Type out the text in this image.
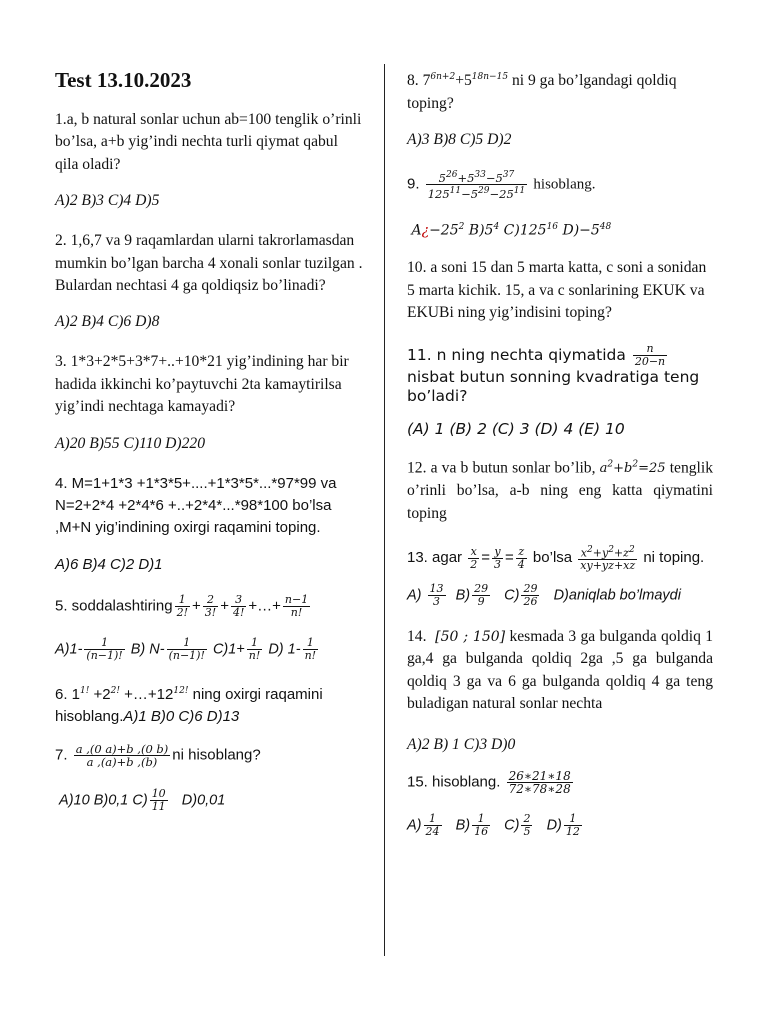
Test 13.10.2023

1.a, b natural sonlar uchun ab=100 tenglik o’rinli bo’lsa, a+b yig’indi nechta turli qiymat qabul qila oladi?

A)2 B)3 C)4 D)5

2. 1,6,7 va 9 raqamlardan ularni takrorlamasdan mumkin bo’lgan barcha 4 xonali sonlar tuzilgan . Bulardan nechtasi 4 ga qoldiqsiz bo’linadi?

A)2 B)4 C)6 D)8

3. 1*3+2*5+3*7+..+10*21 yig’indining har bir hadida ikkinchi ko’paytuvchi 2ta kamaytirilsa yig’indi nechtaga kamayadi?

A)20 B)55 C)110 D)220

4. M=1+1*3 +1*3*5+....+1*3*5*...*97*99 va N=2+2*4 +2*4*6 +..+2*4*...*98*100 bo’lsa ,M+N yig’indining oxirgi raqamini toping.

A)6 B)4 C)2 D)1

5. soddalashtiring $\frac{1}{2!} + \frac{2}{3!} + \frac{3}{4!}$ +…+ $\frac{n-1}{n!}$

$A)1- \frac{1}{(n-1)!} B$) $N- \frac{1}{(n-1)!} C)1+ \frac{1}{n!} D$) $1- \frac{1}{n!}$

6. $1^{1!} +2^{2!}$ $+\dots+12^{12!}$ ning oxirgi raqamini hisoblang.A)1 B)0 C)6 D)13

7. $\frac{a ,(0 a)+b ,(0 b)}{a ,(a)+b ,(b)}$ ni hisoblang?

A)10 B)0,1 $C) \frac{10}{11} D)0,01$

8. $7^{6n+2}+5^{18n-15}$ ni 9 ga bo’lgandagi qoldiq toping?

A)3 B)8 C)5 D)2

9. $\frac{5^{26}+5^{33}-5^{37}}{125^{11}-5^{29}-25^{11}}$ hisoblang.

$A¿-25^2$ $B)5^4$ $C)125^{16}$ $D)-5^{48}$

10. a soni 15 dan 5 marta katta, c soni a sonidan 5 marta kichik. 15, a va c sonlarining EKUK va EKUBi ning yig’indisini toping?

11. n ning nechta qiymatida $\frac{n}{20-n}$

nisbat butun sonning kvadratiga teng bo’ladi?

(A) 1 (B) 2 (C) 3 (D) 4 (E) 10

12. a va b butun sonlar bo’lib, $a^2+b^2=25$ tenglik o’rinli bo’lsa, a-b ning eng katta qiymatini toping

13. agar $\frac{x}{2} = \frac{y}{3} = \frac{z}{4}$ bo’lsa $\frac{x^2+y^2+z^2}{xy+yz+xz}$ ni toping.

$A) \frac{13}{3} B) \frac{29}{9} C) \frac{29}{26}$ D)aniqlab bo’lmaydi

14. [50 ; 150] kesmada 3 ga bulganda qoldiq 1 ga,4 ga bulganda qoldiq 2ga ,5 ga bulganda qoldiq 3 ga va 6 ga bulganda qoldiq 4 ga teng buladigan natural sonlar nechta

A)2 B) 1 C)3 D)0

15. hisoblang. $\frac{26∗21∗18}{72∗78∗28}$

$A) \frac{1}{24} B) \frac{1}{16} C) \frac{2}{5} D) \frac{1}{12}$
